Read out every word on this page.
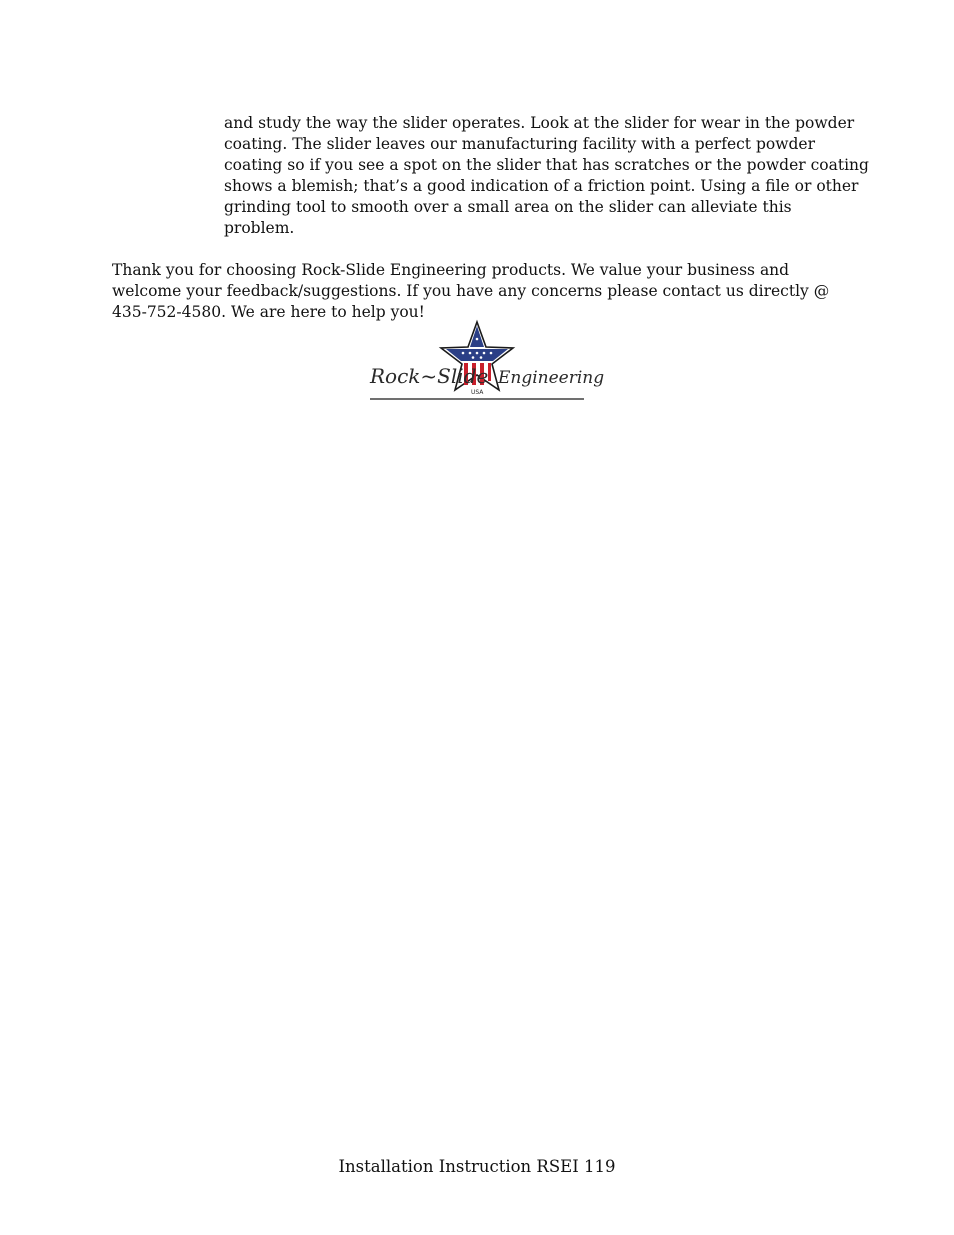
and study the way the slider operates. Look at the slider for wear in the powder
coating. The slider leaves our manufacturing facility with a perfect powder
coating so if you see a spot on the slider that has scratches or the powder coating
shows a blemish; that’s a good indication of a friction point. Using a file or other
grinding tool to smooth over a small area on the slider can alleviate this
problem.
Thank you for choosing Rock-Slide Engineering products. We value your business and
welcome your feedback/suggestions. If you have any concerns please contact us directly @
435-752-4580. We are here to help you!
Rock~Slide Engineering
USA
Installation Instruction RSEI 119
